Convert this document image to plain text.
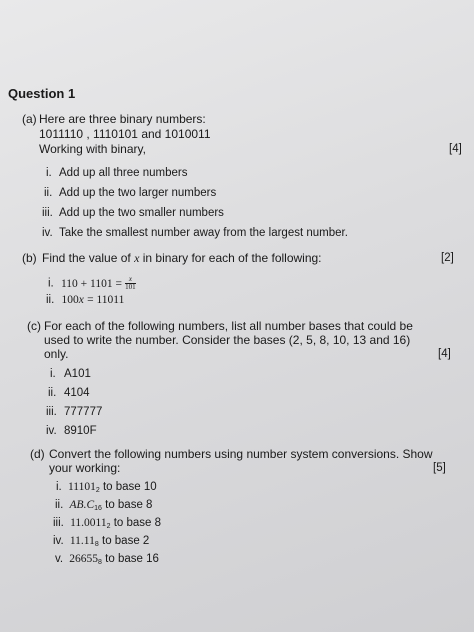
Question 1
(a) Here are three binary numbers:
1011110 , 1110101 and 1010011
Working with binary,	[4]
i. Add up all three numbers
ii. Add up the two larger numbers
iii. Add up the two smaller numbers
iv. Take the smallest number away from the largest number.
(b) Find the value of x in binary for each of the following:	[2]
i. $110 + 1101 = \frac{x}{101}$
ii. 100x = 11011
(c) For each of the following numbers, list all number bases that could be
used to write the number. Consider the bases (2, 5, 8, 10, 13 and 16)
only.	[4]
i. A101
ii. 4104
iii. 777777
iv. 8910F
(d) Convert the following numbers using number system conversions. Show
your working:	[5]
i. $11101_2$ to base 10
ii. $AB.C_{16}$ to base 8
iii. $11.0011_2$ to base 8
iv. $11.11_8$ to base 2
v. $26655_8$ to base 16
